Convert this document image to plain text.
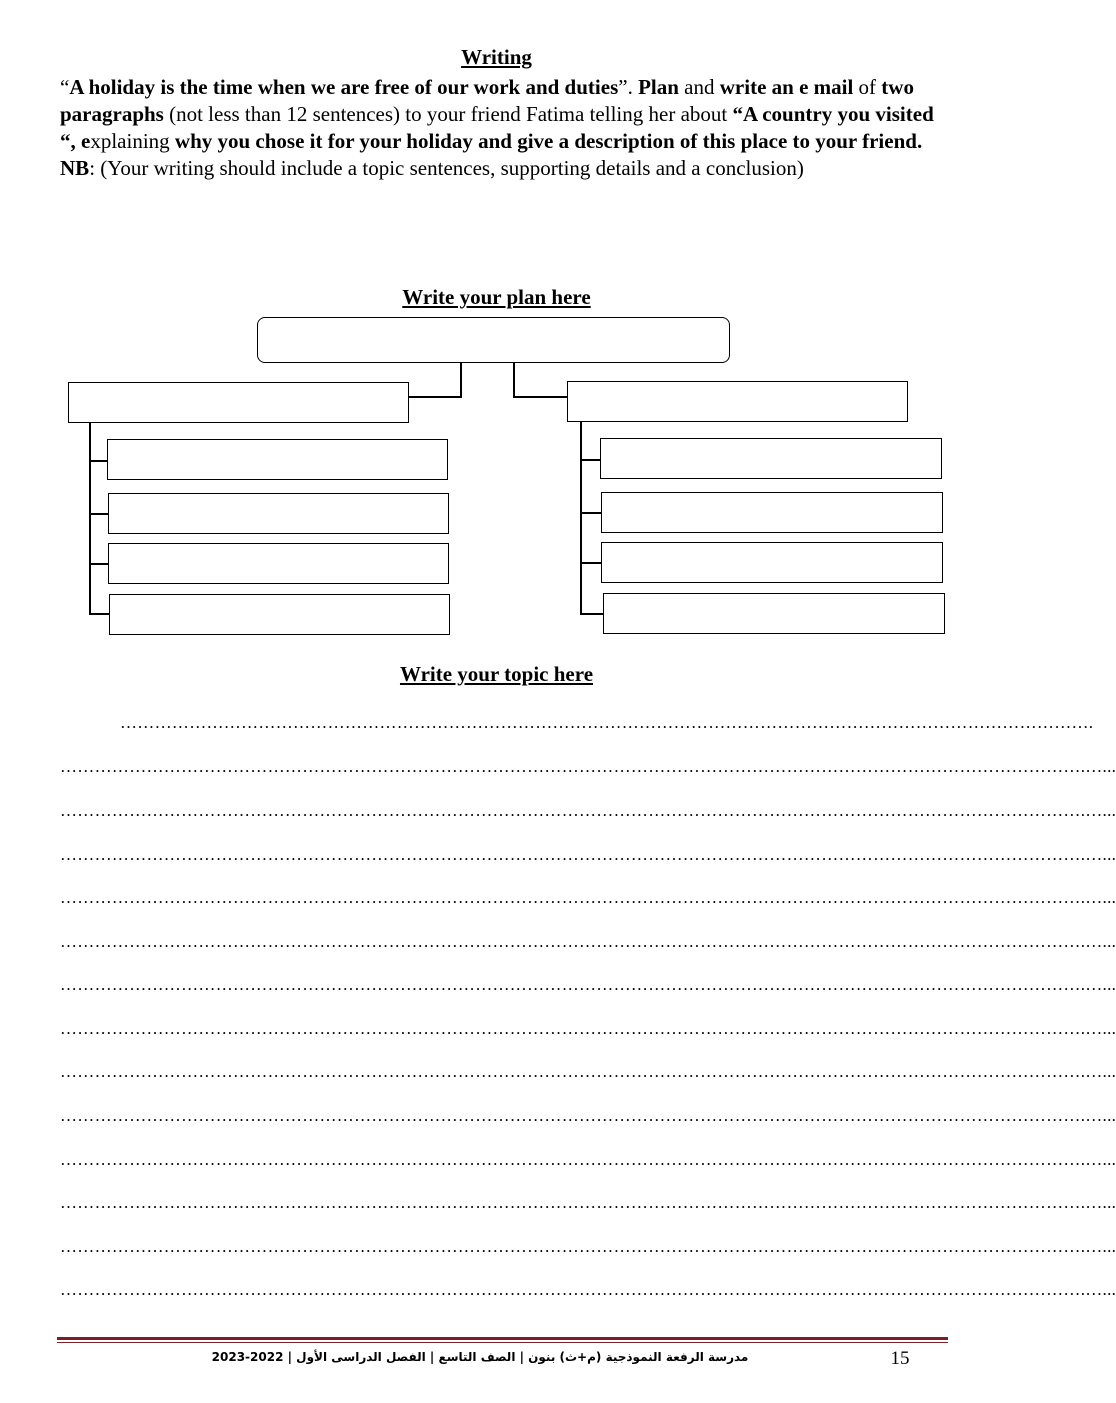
Writing

“A holiday is the time when we are free of our work and duties”. Plan and write an e mail of two paragraphs (not less than 12 sentences) to your friend Fatima telling her about “A country you visited “, explaining why you chose it for your holiday and give a description of this place to your friend.

NB: (Your writing should include a topic sentences, supporting details and a conclusion)

Write your plan here
Write your topic here
…………………………………………………………………………………………………………………………………………………….
…………………………………………………………………………………………………………………………………………………………….…...
…………………………………………………………………………………………………………………………………………………………….…...
…………………………………………………………………………………………………………………………………………………………….…...
…………………………………………………………………………………………………………………………………………………………….…...
…………………………………………………………………………………………………………………………………………………………….…...
…………………………………………………………………………………………………………………………………………………………….…...
…………………………………………………………………………………………………………………………………………………………….…...
…………………………………………………………………………………………………………………………………………………………….…...
…………………………………………………………………………………………………………………………………………………………….…...
…………………………………………………………………………………………………………………………………………………………….…...
…………………………………………………………………………………………………………………………………………………………….…...
…………………………………………………………………………………………………………………………………………………………….…...
…………………………………………………………………………………………………………………………………………………………….…...
مدرسة الرفعة النموذجية (م+ث) بنون | الصف التاسع | الفصل الدراسى الأول | 2022-2023	15
